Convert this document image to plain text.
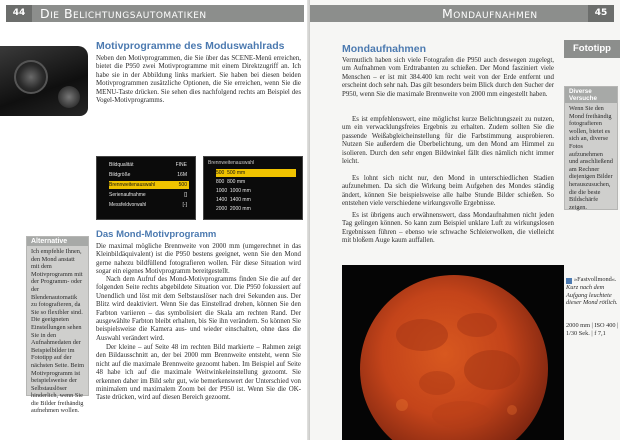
44	Die Belichtungsautomatiken
Motivprogramme des Moduswahlrads
Neben den Motivprogrammen, die Sie über das SCENE-Menü erreichen, bietet die P950 zwei Motivprogramme mit einem Direktzugriff an. Ich habe sie in der Abbildung links markiert. Sie haben bei diesen beiden Motivprogrammen zusätzliche Optionen, die Sie erreichen, wenn Sie die MENU-Taste drücken. Sie sehen dies nachfolgend rechts am Beispiel des Vogel-Motivprogramms.
Bildqualität	FINE
Bildgröße	16M
Brennweitenauswahl	500
Serienaufnahme	[]
Messfeldvorwahl	[-]
Brennweitenauswahl
500 500 mm
800 800 mm
1000 1000 mm
1400 1400 mm
2000 2000 mm
Das Mond-Motivprogramm
Die maximal mögliche Brennweite von 2000 mm (umgerechnet in das Kleinbildäquivalent) ist die P950 bestens geeignet, wenn Sie den Mond gerne nahezu bildfüllend fotografieren wollen. Für diese Situation wird sogar ein eigenes Motivprogramm bereitgestellt.
Nach dem Aufruf des Mond-Motivprogramms finden Sie die auf der folgenden Seite rechts abgebildete Situation vor. Die P950 fokussiert auf Unendlich und löst mit dem Selbstauslöser nach drei Sekunden aus. Der Blitz wird deaktiviert. Wenn Sie das Einstellrad drehen, können Sie den Farbton variieren – das symbolisiert die Skala am rechten Rand. Der ausgewählte Farbton bleibt erhalten, bis Sie ihn verändern. So können Sie beispielsweise die Kamera aus- und wieder einschalten, ohne dass die Auswahl verändert wird.
Der kleine – auf Seite 48 im rechten Bild markierte – Rahmen zeigt den Bildausschnitt an, der bei 2000 mm Brennweite entsteht, wenn Sie nicht auf die maximale Brennweite gezoomt haben. Im Beispiel auf Seite 48 habe ich auf die maximale Weitwinkeleinstellung gezoomt. Sie erkennen daher im Bild sehr gut, wie bemerkenswert der Unterschied von minimalem und maximalem Zoom bei der P950 ist. Wenn Sie die OK-Taste drücken, wird auf diesen Bereich gezoomt.
Alternative
Ich empfehle Ihnen, den Mond anstatt mit dem Motivprogramm mit der Programm- oder der Blendenautomatik zu fotografieren, da Sie so flexibler sind. Die geeigneten Einstellungen sehen Sie in den Aufnahmedaten der Beispielbilder im Fototipp auf der nächsten Seite. Beim Motivprogramm ist beispielsweise der Selbstauslöser hinderlich, wenn Sie die Bilder freihändig aufnehmen wollen.
Mondaufnahmen	45
Fototipp
Mondaufnahmen
Vermutlich haben sich viele Fotografen die P950 auch deswegen zugelegt, um Aufnahmen vom Erdtrabanten zu schießen. Der Mond fasziniert viele Menschen – er ist mit 384.400 km recht weit von der Erde entfernt und erscheint doch sehr nah. Das gilt besonders beim Blick durch den Sucher der P950, wenn Sie die maximale Brennweite von 2000 mm eingestellt haben.
Es ist empfehlenswert, eine möglichst kurze Belichtungszeit zu nutzen, um ein verwacklungsfreies Ergebnis zu erhalten. Zudem sollten Sie die passende Weißabgleicheinstellung für die Farbstimmung ausprobieren. Nutzen Sie außerdem die Überbelichtung, um den Mond am Himmel zu isolieren. Durch den sehr engen Bildwinkel fällt dies nämlich nicht immer leicht.
Es lohnt sich nicht nur, den Mond in unterschiedlichen Stadien aufzunehmen. Da sich die Wirkung beim Aufgehen des Mondes ständig ändert, können Sie beispielsweise alle halbe Stunde Bilder schießen. So entstehen viele verschiedene wirkungsvolle Ergebnisse.
Es ist übrigens auch erwähnenswert, dass Mondaufnahmen nicht jeden Tag gelingen können. So kann zum Beispiel unklare Luft zu wirkungslosen Ergebnissen führen – ebenso wie schwache Schleierwolken, die vielleicht mit bloßem Auge kaum auffallen.
Diverse Versuche
Wenn Sie den Mond freihändig fotografieren wollen, bietet es sich an, diverse Fotos aufzunehmen und anschließend am Rechner diejenigen Bilder herauszusuchen, die die beste Bildschärfe zeigen.
»Fastvollmond«.
Kurz nach dem Aufgang leuchtete dieser Mond rötlich.
2000 mm | ISO 400 |
1/30 Sek. | f 7,1
